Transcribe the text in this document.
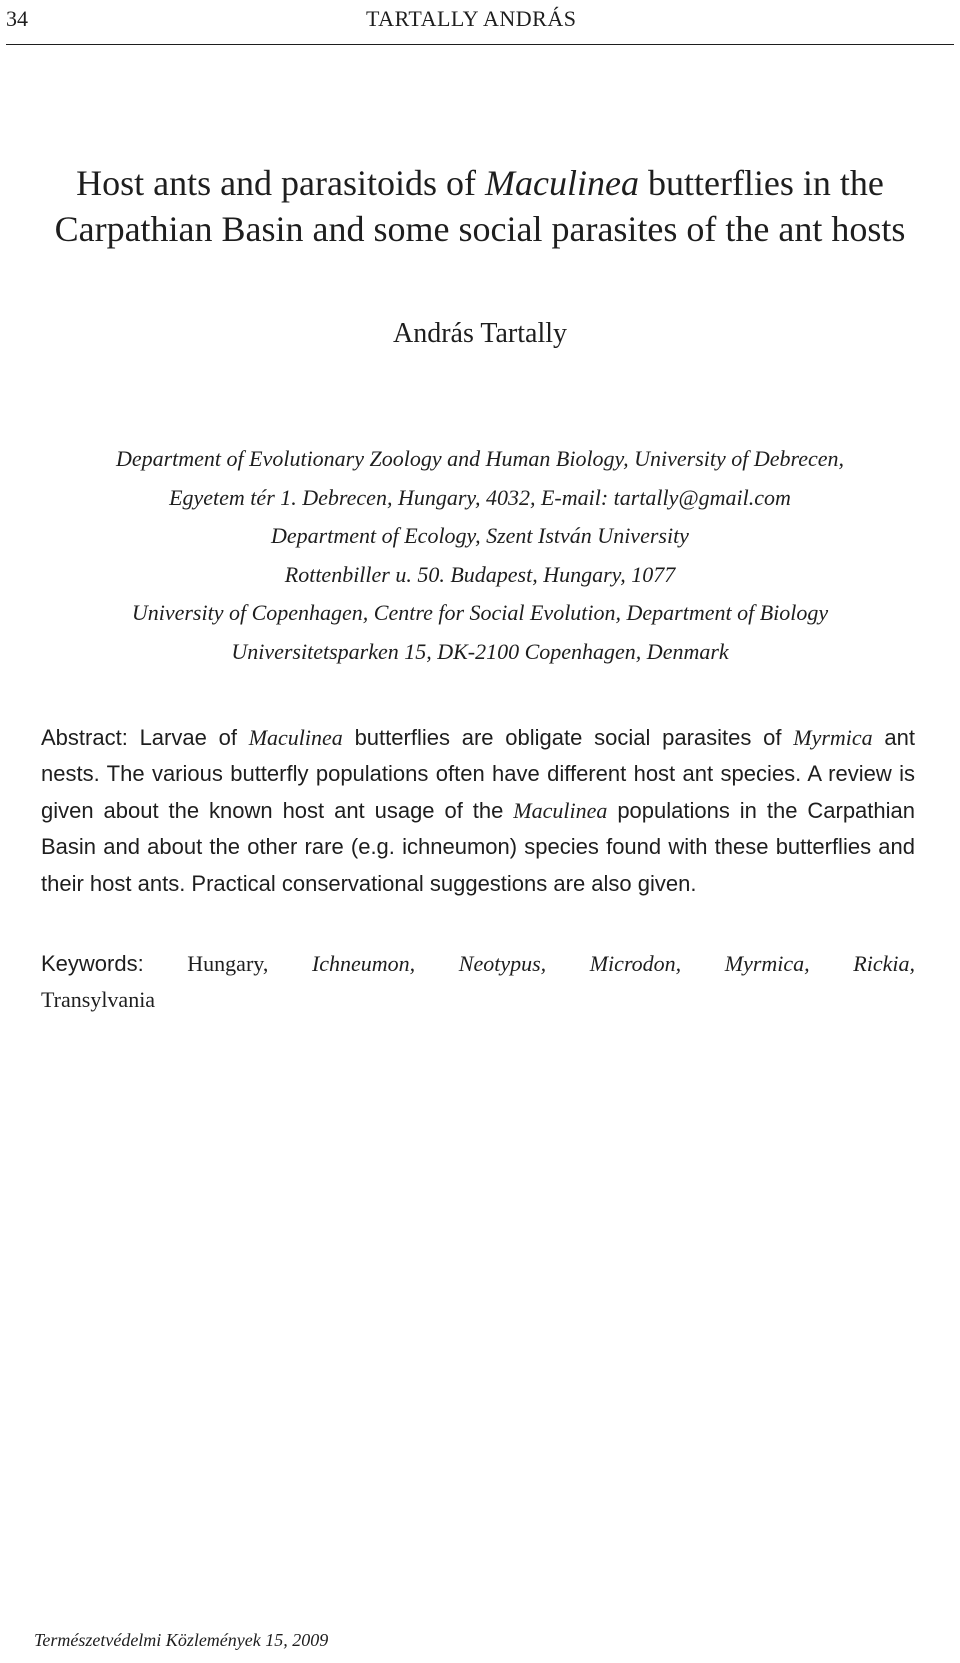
34	TARTALLY ANDRÁS
Host ants and parasitoids of Maculinea butterflies in the
Carpathian Basin and some social parasites of the ant hosts
András Tartally
Department of Evolutionary Zoology and Human Biology, University of Debrecen,
Egyetem tér 1. Debrecen, Hungary, 4032, E-mail: tartally@gmail.com
Department of Ecology, Szent István University
Rottenbiller u. 50. Budapest, Hungary, 1077
University of Copenhagen, Centre for Social Evolution, Department of Biology
Universitetsparken 15, DK-2100 Copenhagen, Denmark
Abstract: Larvae of Maculinea butterflies are obligate social parasites of Myrmica ant nests. The various butterfly populations often have different host ant species. A review is given about the known host ant usage of the Maculinea populations in the Carpathian Basin and about the other rare (e.g. ichneumon) species found with these butterflies and their host ants. Practical conservational suggestions are also given.
Keywords: Hungary, Ichneumon, Neotypus, Microdon, Myrmica, Rickia,
Transylvania
Természetvédelmi Közlemények 15, 2009
